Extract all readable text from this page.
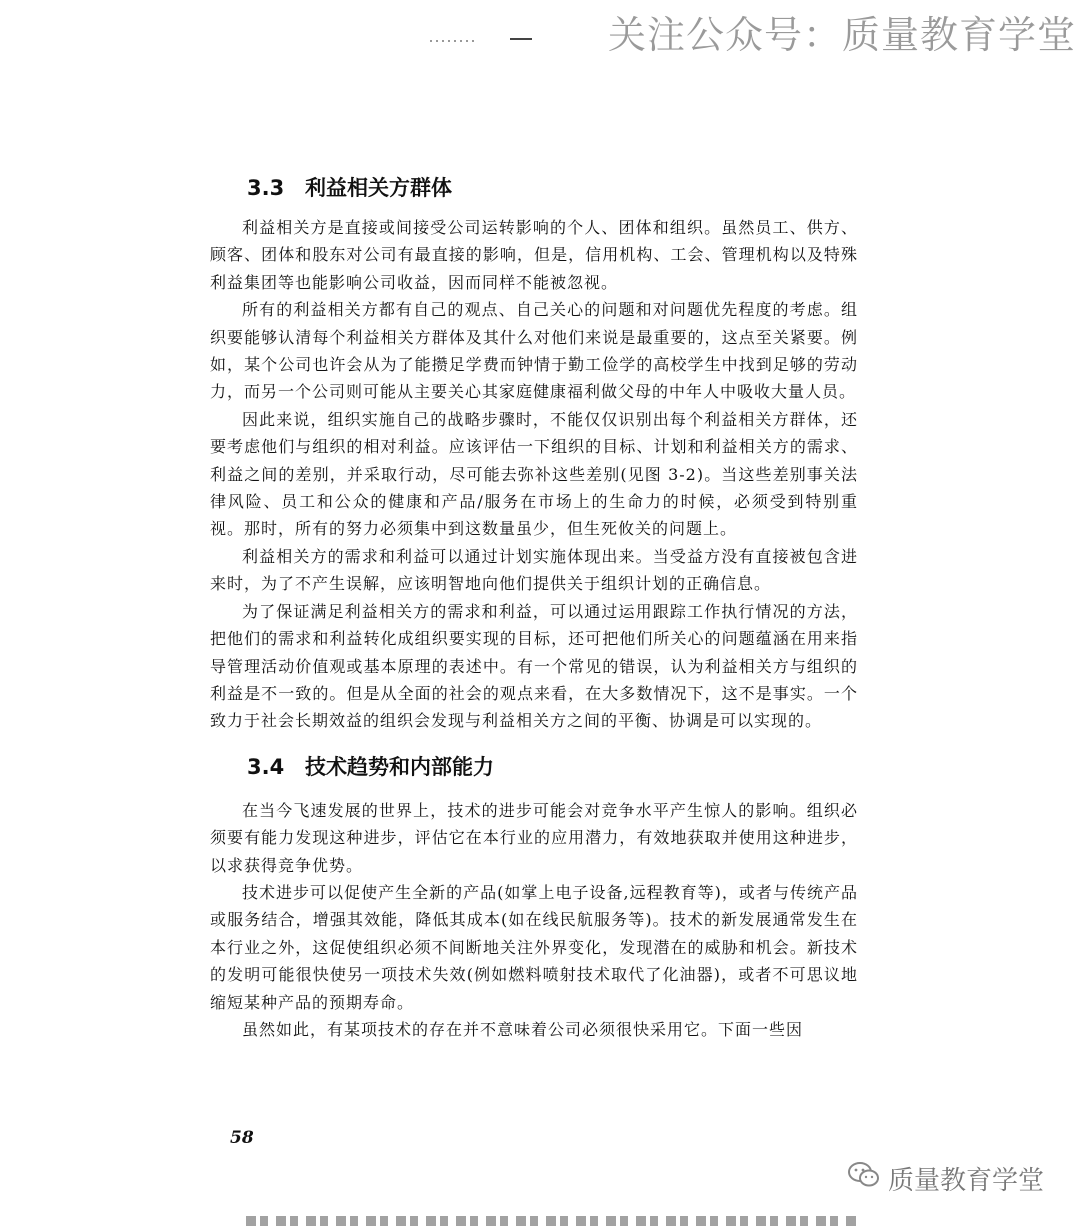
关注公众号：质量教育学堂
3.3 利益相关方群体

利益相关方是直接或间接受公司运转影响的个人、团体和组织。虽然员工、供方、顾客、团体和股东对公司有最直接的影响，但是，信用机构、工会、管理机构以及特殊利益集团等也能影响公司收益，因而同样不能被忽视。

所有的利益相关方都有自己的观点、自己关心的问题和对问题优先程度的考虑。组织要能够认清每个利益相关方群体及其什么对他们来说是最重要的，这点至关紧要。例如，某个公司也许会从为了能攒足学费而钟情于勤工俭学的高校学生中找到足够的劳动力，而另一个公司则可能从主要关心其家庭健康福利做父母的中年人中吸收大量人员。

因此来说，组织实施自己的战略步骤时，不能仅仅识别出每个利益相关方群体，还要考虑他们与组织的相对利益。应该评估一下组织的目标、计划和利益相关方的需求、利益之间的差别，并采取行动，尽可能去弥补这些差别(见图 3-2)。当这些差别事关法律风险、员工和公众的健康和产品/服务在市场上的生命力的时候，必须受到特别重视。那时，所有的努力必须集中到这数量虽少，但生死攸关的问题上。

利益相关方的需求和利益可以通过计划实施体现出来。当受益方没有直接被包含进来时，为了不产生误解，应该明智地向他们提供关于组织计划的正确信息。

为了保证满足利益相关方的需求和利益，可以通过运用跟踪工作执行情况的方法，把他们的需求和利益转化成组织要实现的目标，还可把他们所关心的问题蕴涵在用来指导管理活动价值观或基本原理的表述中。有一个常见的错误，认为利益相关方与组织的利益是不一致的。但是从全面的社会的观点来看，在大多数情况下，这不是事实。一个致力于社会长期效益的组织会发现与利益相关方之间的平衡、协调是可以实现的。

3.4 技术趋势和内部能力

在当今飞速发展的世界上，技术的进步可能会对竞争水平产生惊人的影响。组织必须要有能力发现这种进步，评估它在本行业的应用潜力，有效地获取并使用这种进步，以求获得竞争优势。

技术进步可以促使产生全新的产品(如掌上电子设备,远程教育等)，或者与传统产品或服务结合，增强其效能，降低其成本(如在线民航服务等)。技术的新发展通常发生在本行业之外，这促使组织必须不间断地关注外界变化，发现潜在的威胁和机会。新技术的发明可能很快使另一项技术失效(例如燃料喷射技术取代了化油器)，或者不可思议地缩短某种产品的预期寿命。

虽然如此，有某项技术的存在并不意味着公司必须很快采用它。下面一些因

58
质量教育学堂
